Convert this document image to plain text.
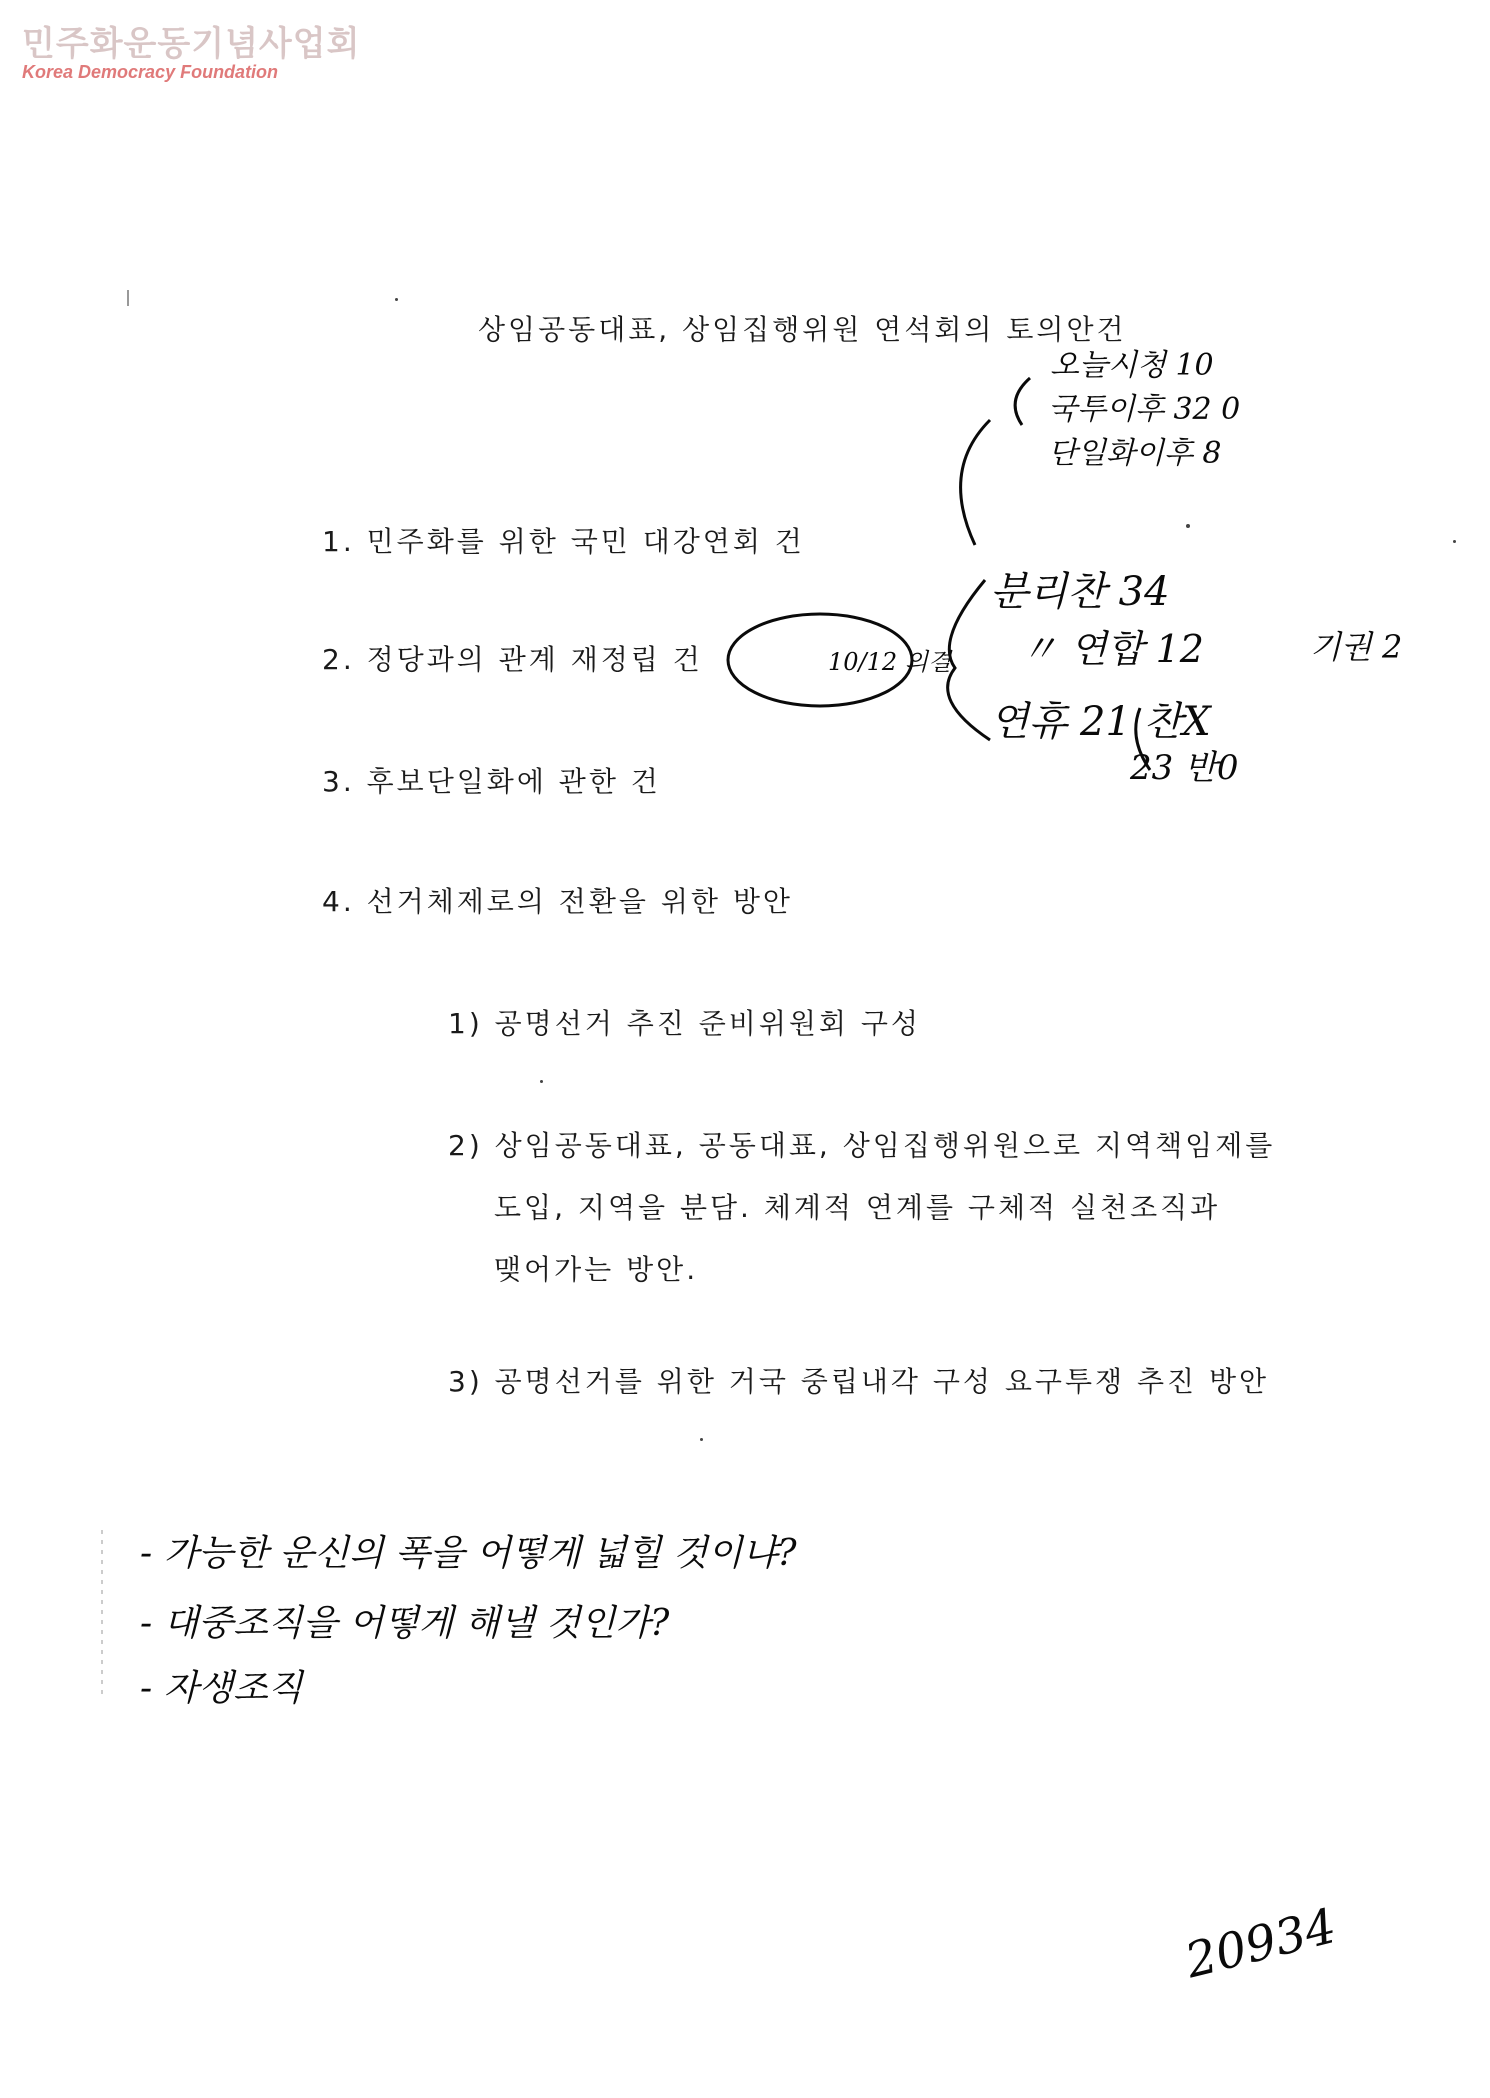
민주화운동기념사업회
Korea Democracy Foundation
상임공동대표, 상임집행위원 연석회의 토의안건
1. 민주화를 위한 국민 대강연회 건
2. 정당과의 관계 재정립 건
3. 후보단일화에 관한 건
4. 선거체제로의 전환을 위한 방안
1) 공명선거 추진 준비위원회 구성
2) 상임공동대표, 공동대표, 상임집행위원으로 지역책임제를
도입, 지역을 분담. 체계적 연계를 구체적 실천조직과
맺어가는 방안.
3) 공명선거를 위한 거국 중립내각 구성 요구투쟁 추진 방안
10/12 의결
오늘시청 10
국투이후 32 0
단일화이후 8
분리찬 34
〃 연합 12	기권 2
연휴 21 찬X
23 반0
- 가능한 운신의 폭을 어떻게 넓힐 것이냐?
- 대중조직을 어떻게 해낼 것인가?
- 자생조직
20934
